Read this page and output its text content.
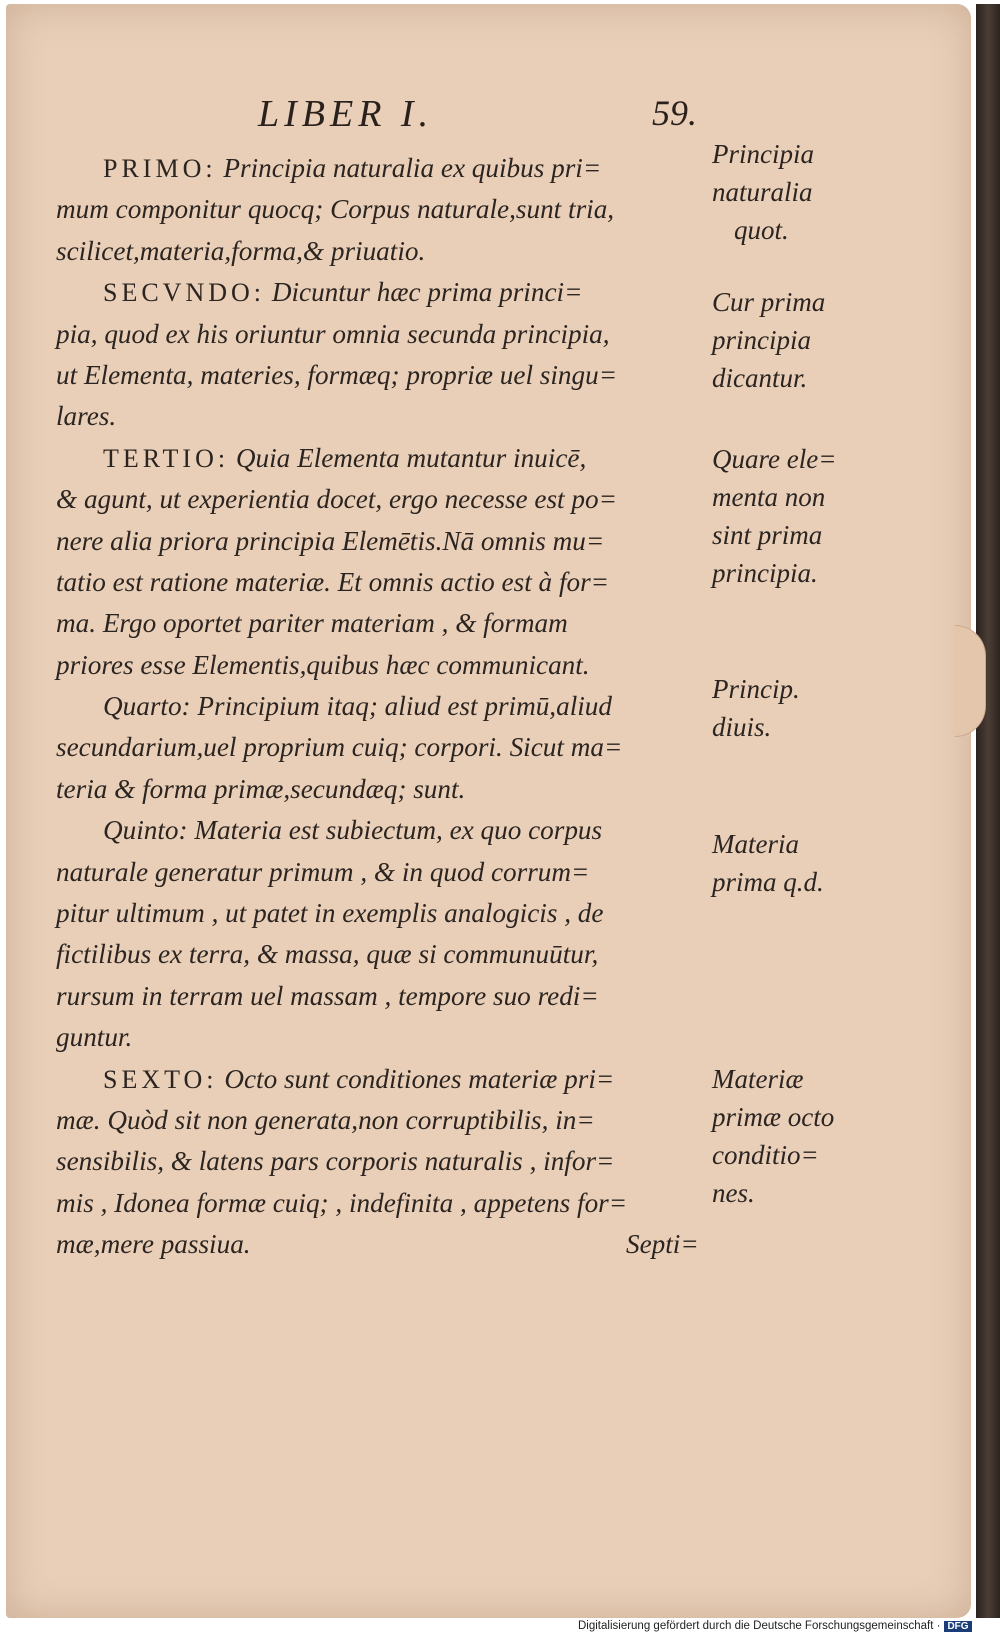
LIBER I.	59.
PRIMO: Principia naturalia ex quibus pri=
mum componitur quocq; Corpus naturale,sunt tria,
scilicet,materia,forma,& priuatio.
SECVNDO: Dicuntur hæc prima princi=
pia, quod ex his oriuntur omnia secunda principia,
ut Elementa, materies, formæq; propriæ uel singu=
lares.
TERTIO: Quia Elementa mutantur inuicē,
& agunt, ut experientia docet, ergo necesse est po=
nere alia priora principia Elemētis.Nā omnis mu=
tatio est ratione materiæ. Et omnis actio est à for=
ma. Ergo oportet pariter materiam , & formam
priores esse Elementis,quibus hæc communicant.
Quarto: Principium itaq; aliud est primū,aliud
secundarium,uel proprium cuiq; corpori. Sicut ma=
teria & forma primæ,secundæq; sunt.
Quinto: Materia est subiectum, ex quo corpus
naturale generatur primum , & in quod corrum=
pitur ultimum , ut patet in exemplis analogicis , de
fictilibus ex terra, & massa, quæ si communuūtur,
rursum in terram uel massam , tempore suo redi=
guntur.
SEXTO: Octo sunt conditiones materiæ pri=
mæ. Quòd sit non generata,non corruptibilis, in=
sensibilis, & latens pars corporis naturalis , infor=
mis , Idonea formæ cuiq; , indefinita , appetens for=
mæ,mere passiua.	Septi=
Principia
naturalia
quot.
Cur prima
principia
dicantur.
Quare ele=
menta non
sint prima
principia.
Princip.
diuis.
Materia
prima q.d.
Materiæ
primæ octo
conditio=
nes.
Digitalisierung gefördert durch die Deutsche Forschungsgemeinschaft · DFG
